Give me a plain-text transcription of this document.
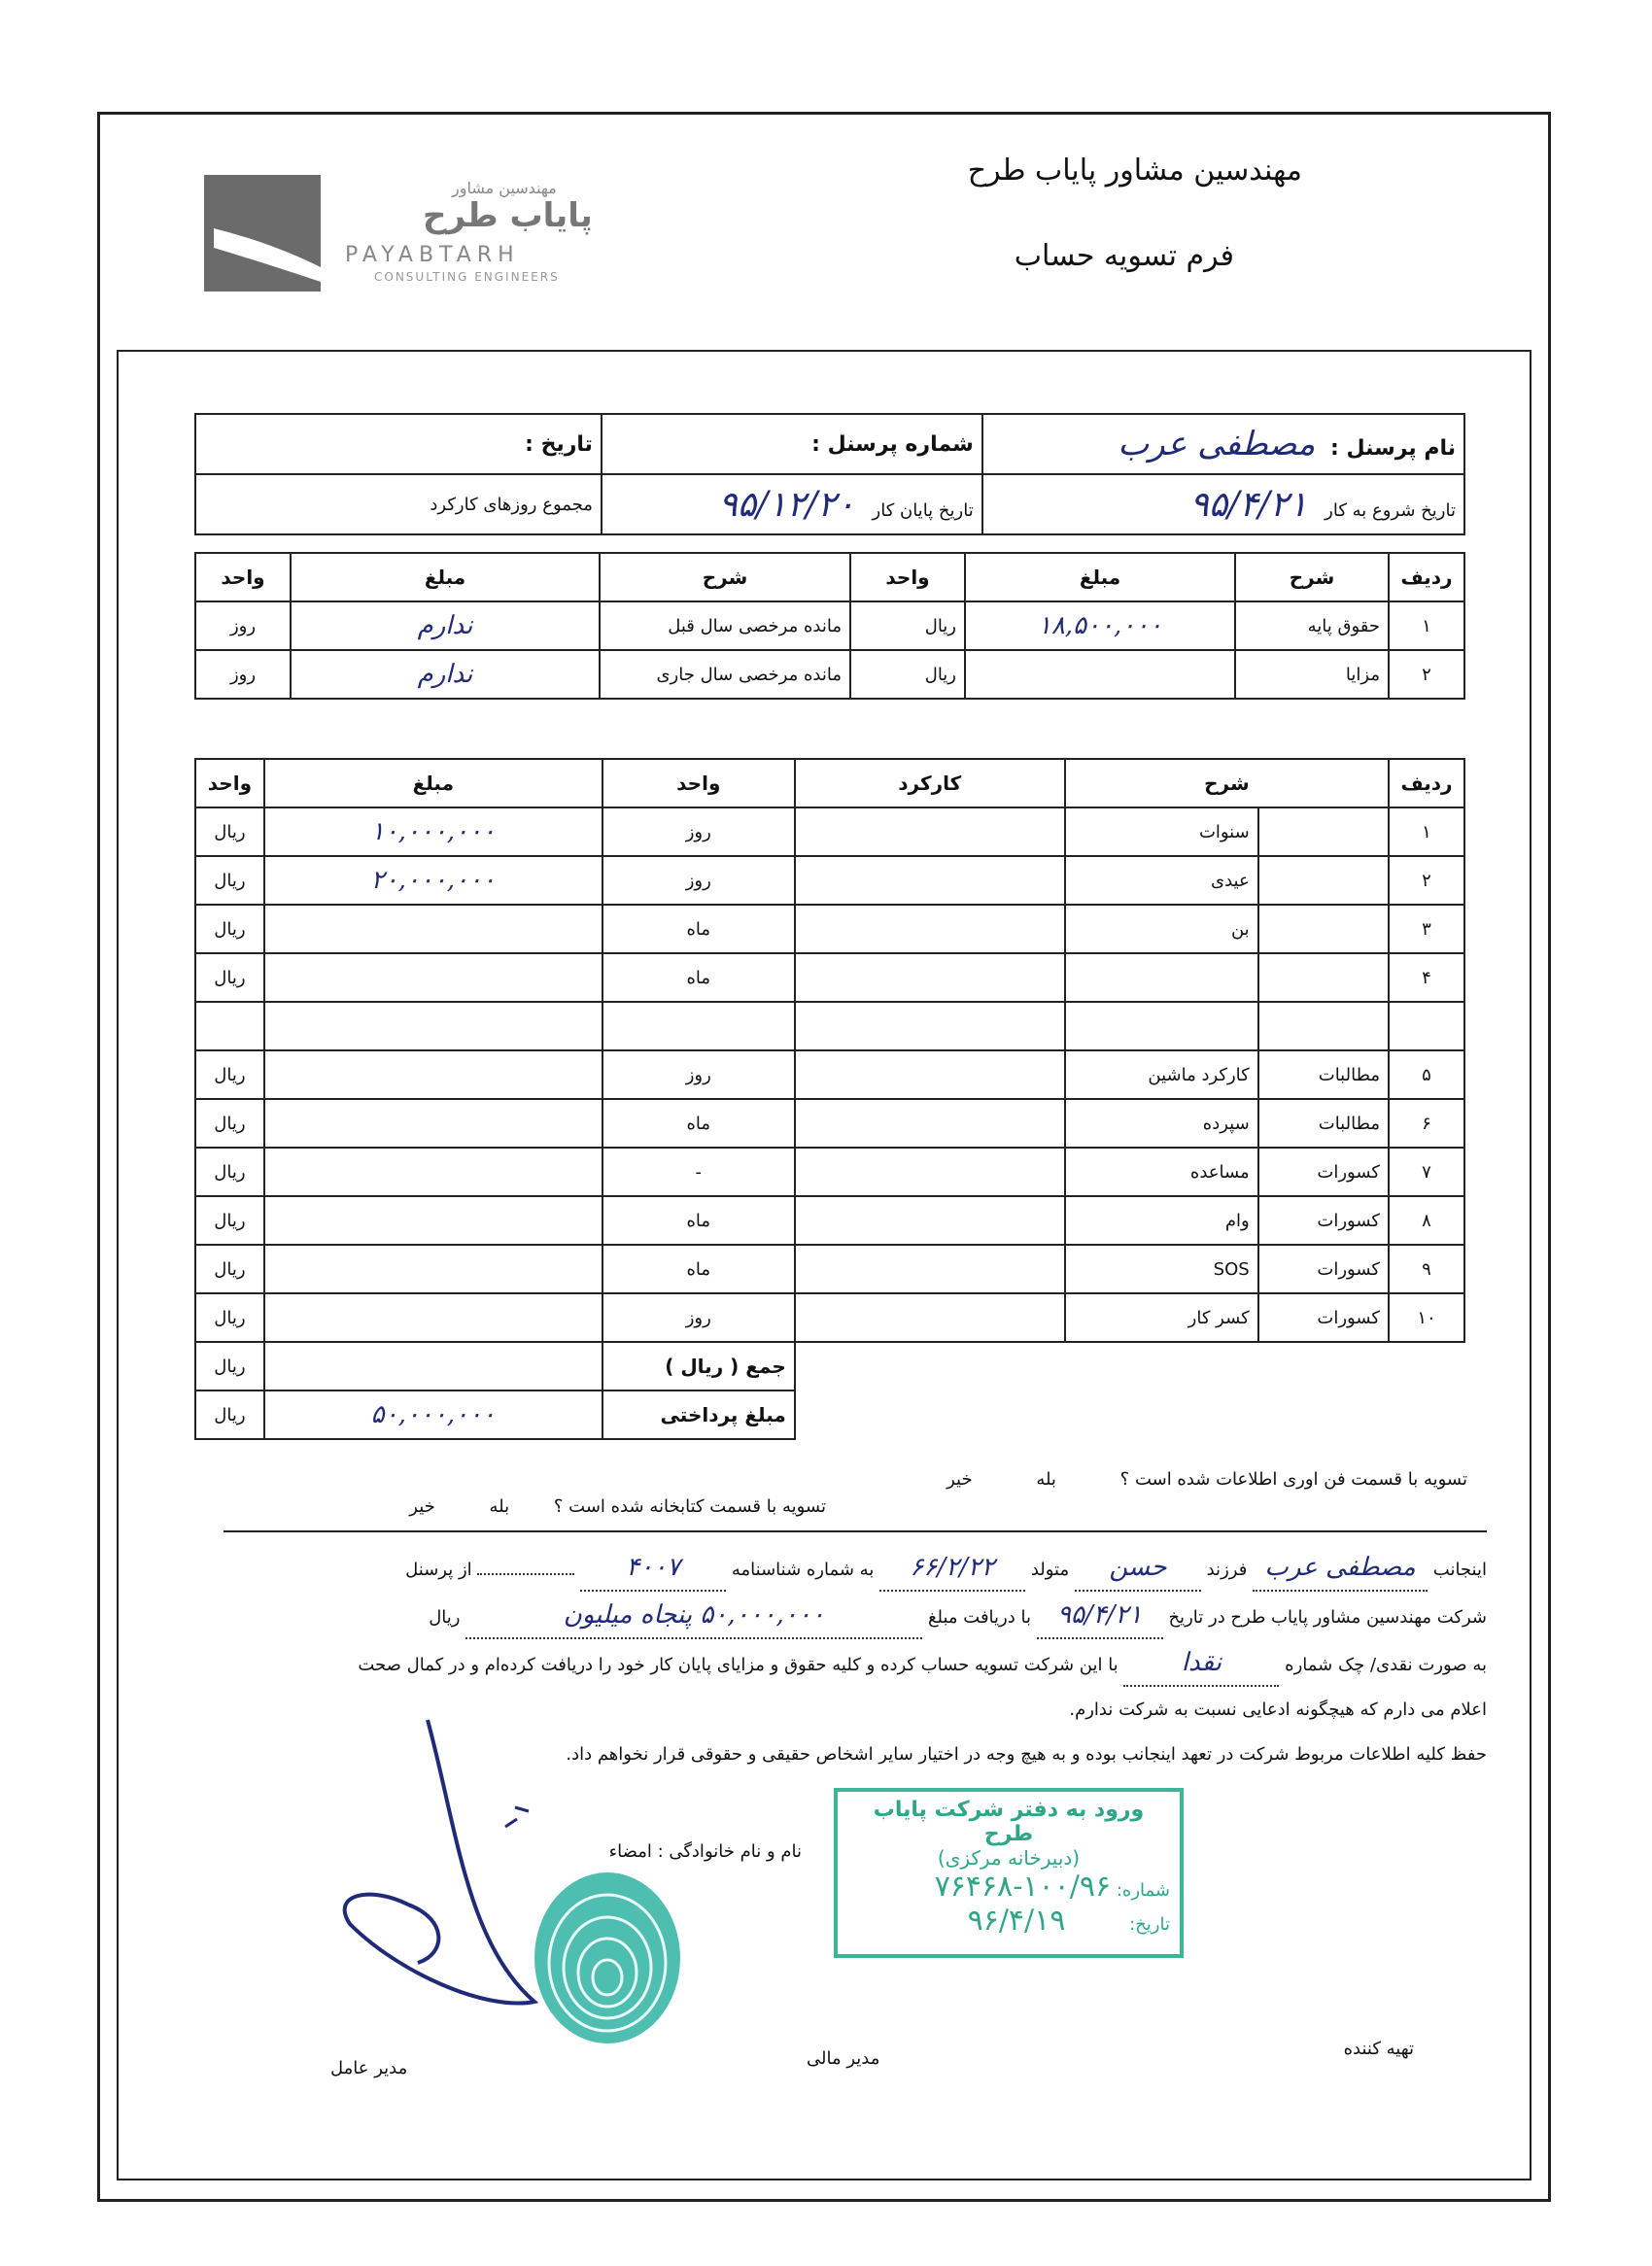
مهندسین مشاور
پایاب طرح
PAYABTARH
CONSULTING ENGINEERS
مهندسین مشاور پایاب طرح
فرم تسویه حساب
نام پرسنل : مصطفی عرب	شماره پرسنل :	تاریخ :
تاریخ شروع به کار ۹۵/۴/۲۱	تاریخ پایان کار ۹۵/۱۲/۲۰	مجموع روزهای کارکرد
ردیف	شرح	مبلغ	واحد	شرح	مبلغ	واحد
۱	حقوق پایه	۱۸,۵۰۰,۰۰۰	ریال	مانده مرخصی سال قبل	ندارم	روز
۲	مزایا		ریال	مانده مرخصی سال جاری	ندارم	روز
ردیف	شرح		کارکرد	واحد	مبلغ	واحد
۱		سنوات		روز	۱۰,۰۰۰,۰۰۰	ریال
۲		عیدی		روز	۲۰,۰۰۰,۰۰۰	ریال
۳		بن		ماه		ریال
۴				ماه		ریال

۵	مطالبات	کارکرد ماشین		روز		ریال
۶	مطالبات	سپرده		ماه		ریال
۷	کسورات	مساعده		-		ریال
۸	کسورات	وام		ماه		ریال
۹	کسورات	SOS		ماه		ریال
۱۰	کسورات	کسر کار		روز		ریال
				جمع ( ریال )		ریال
				مبلغ پرداختی	۵۰,۰۰۰,۰۰۰	ریال
تسویه با قسمت فن اوری اطلاعات شده است ؟ بله خیر
تسویه با قسمت کتابخانه شده است ؟ بله خیر
اینجانب مصطفی عرب فرزند حسن متولد ۶۶/۲/۲۲ به شماره شناسنامه ۴۰۰۷  از پرسنل
شرکت مهندسین مشاور پایاب طرح در تاریخ ۹۵/۴/۲۱ با دریافت مبلغ ۵۰,۰۰۰,۰۰۰ پنجاه میلیون ریال
به صورت نقدی/ چک شماره نقدا با این شرکت تسویه حساب کرده و کلیه حقوق و مزایای پایان کار خود را دریافت کرده‌ام و در کمال صحت
اعلام می دارم که هیچگونه ادعایی نسبت به شرکت ندارم.
حفظ کلیه اطلاعات مربوط شرکت در تعهد اینجانب بوده و به هیچ وجه در اختیار سایر اشخاص حقیقی و حقوقی قرار نخواهم داد.
نام و نام خانوادگی : امضاء
ورود به دفتر شرکت پایاب طرح
(دبیرخانه مرکزی)
شماره: ۱۰۰/۹۶-۷۶۴۶۸
تاریخ: ۹۶/۴/۱۹
تهیه کننده
مدیر مالی
مدیر عامل
